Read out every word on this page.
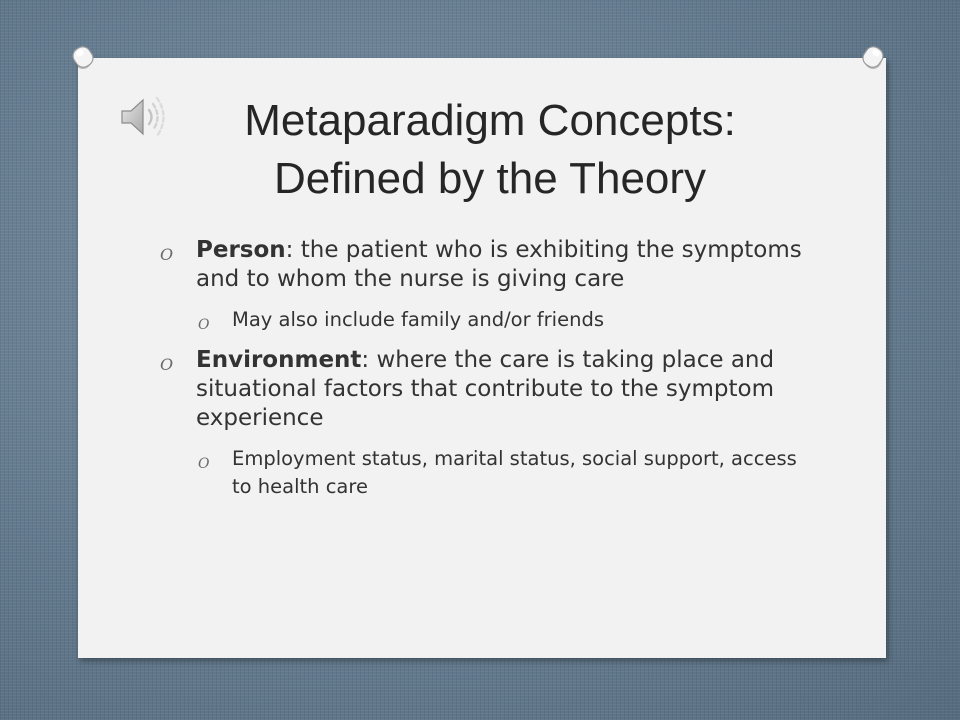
Metaparadigm Concepts:
Defined by the Theory
O Person: the patient who is exhibiting the symptoms and to whom the nurse is giving care
O May also include family and/or friends
O Environment: where the care is taking place and situational factors that contribute to the symptom experience
O Employment status, marital status, social support, access to health care
